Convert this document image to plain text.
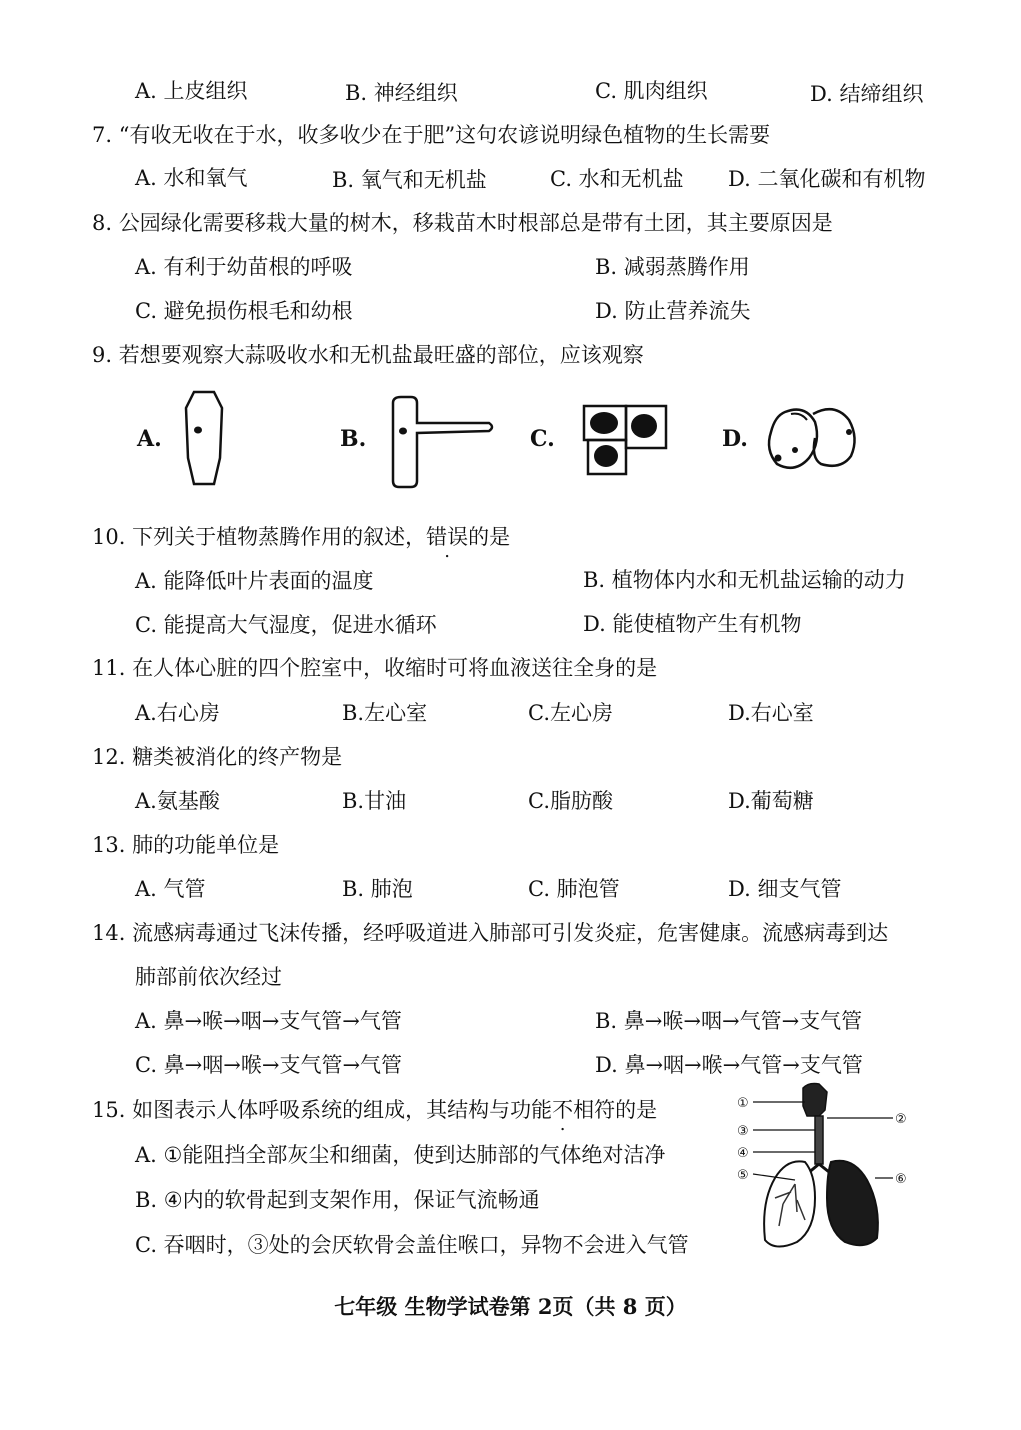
A. 上皮组织	B. 神经组织	C. 肌肉组织	D. 结缔组织
7. “有收无收在于水，收多收少在于肥”这句农谚说明绿色植物的生长需要
A. 水和氧气	B. 氧气和无机盐	C. 水和无机盐 D. 二氧化碳和有机物
8. 公园绿化需要移栽大量的树木，移栽苗木时根部总是带有土团，其主要原因是
A. 有利于幼苗根的呼吸	B. 减弱蒸腾作用
C. 避免损伤根毛和幼根	D. 防止营养流失
9. 若想要观察大蒜吸收水和无机盐最旺盛的部位，应该观察
A.	B.	C.	D.
10. 下列关于植物蒸腾作用的叙述，错误的是
A. 能降低叶片表面的温度	B. 植物体内水和无机盐运输的动力
C. 能提高大气湿度，促进水循环	D. 能使植物产生有机物
11. 在人体心脏的四个腔室中，收缩时可将血液送往全身的是
A.右心房	B.左心室	C.左心房	D.右心室
12. 糖类被消化的终产物是
A.氨基酸	B.甘油	C.脂肪酸	D.葡萄糖
13. 肺的功能单位是
A. 气管	B. 肺泡	C. 肺泡管	D. 细支气管
14. 流感病毒通过飞沫传播，经呼吸道进入肺部可引发炎症，危害健康。流感病毒到达
肺部前依次经过
A. 鼻→喉→咽→支气管→气管	B. 鼻→喉→咽→气管→支气管
C. 鼻→咽→喉→支气管→气管	D. 鼻→咽→喉→气管→支气管
15. 如图表示人体呼吸系统的组成，其结构与功能不相符的是
A. ①能阻挡全部灰尘和细菌，使到达肺部的气体绝对洁净
B. ④内的软骨起到支架作用，保证气流畅通
C. 吞咽时，③处的会厌软骨会盖住喉口，异物不会进入气管
①
②
③
④
⑤	⑥
七年级 生物学试卷第 2页（共 8 页）
